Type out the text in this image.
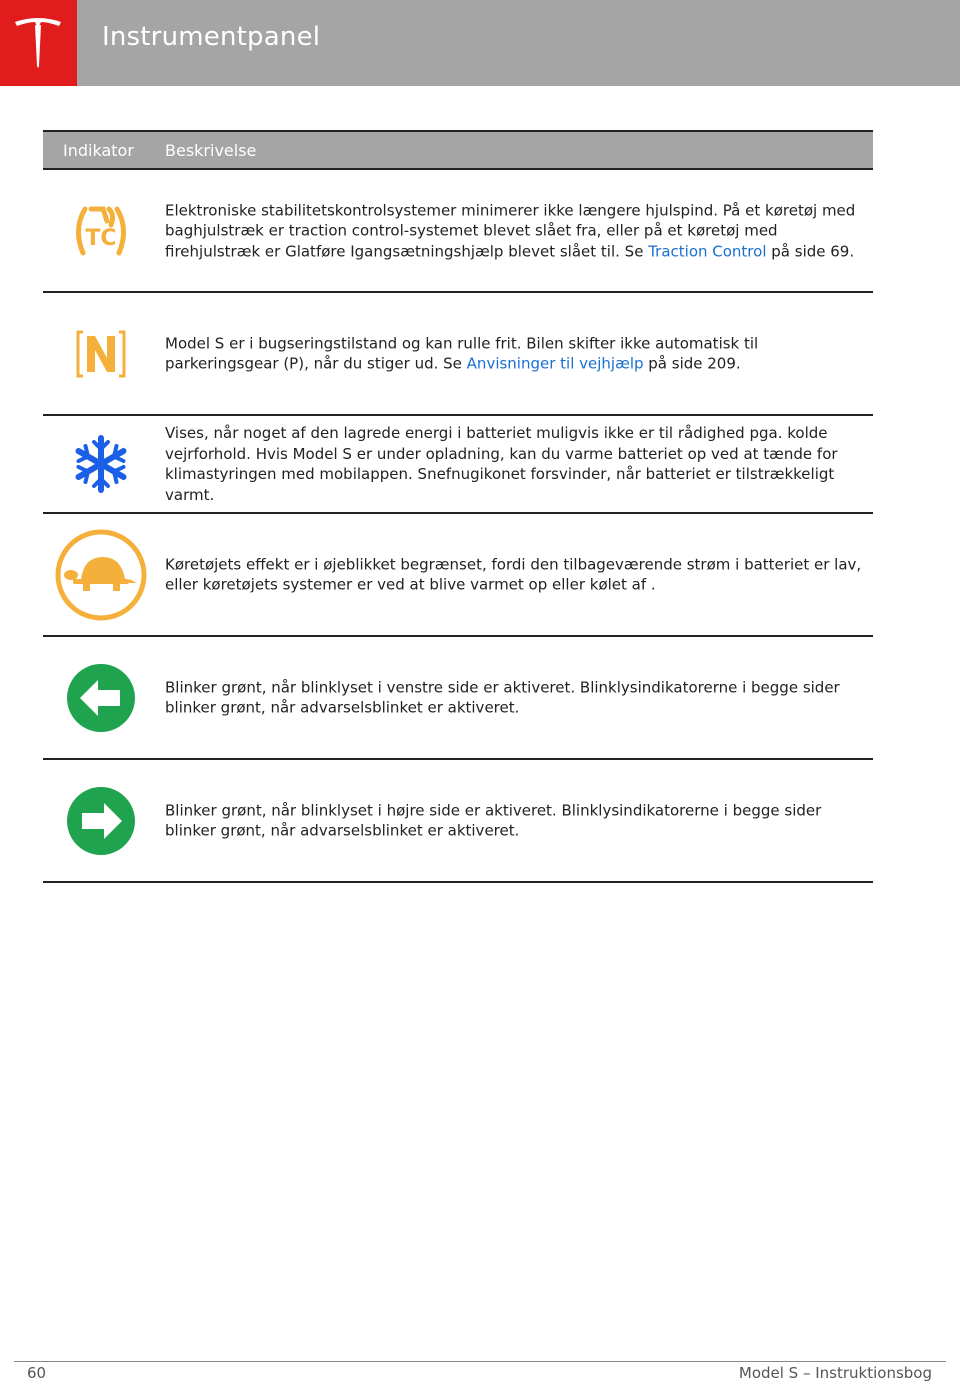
Instrumentpanel
Indikator Beskrivelse
TC
Elektroniske stabilitetskontrolsystemer minimerer ikke længere hjulspind. På et køretøj med baghjulstræk er traction control-systemet blevet slået fra, eller på et køretøj med firehjulstræk er Glatføre Igangsætningshjælp blevet slået til. Se Traction Control på side 69.
Model S er i bugseringstilstand og kan rulle frit. Bilen skifter ikke automatisk til parkeringsgear (P), når du stiger ud. Se Anvisninger til vejhjælp på side 209.
Vises, når noget af den lagrede energi i batteriet muligvis ikke er til rådighed pga. kolde vejrforhold. Hvis Model S er under opladning, kan du varme batteriet op ved at tænde for klimastyringen med mobilappen. Snefnugikonet forsvinder, når batteriet er tilstrækkeligt varmt.
Køretøjets effekt er i øjeblikket begrænset, fordi den tilbageværende strøm i batteriet er lav, eller køretøjets systemer er ved at blive varmet op eller kølet af .
Blinker grønt, når blinklyset i venstre side er aktiveret. Blinklysindikatorerne i begge sider blinker grønt, når advarselsblinket er aktiveret.
Blinker grønt, når blinklyset i højre side er aktiveret. Blinklysindikatorerne i begge sider blinker grønt, når advarselsblinket er aktiveret.
60	Model S – Instruktionsbog
